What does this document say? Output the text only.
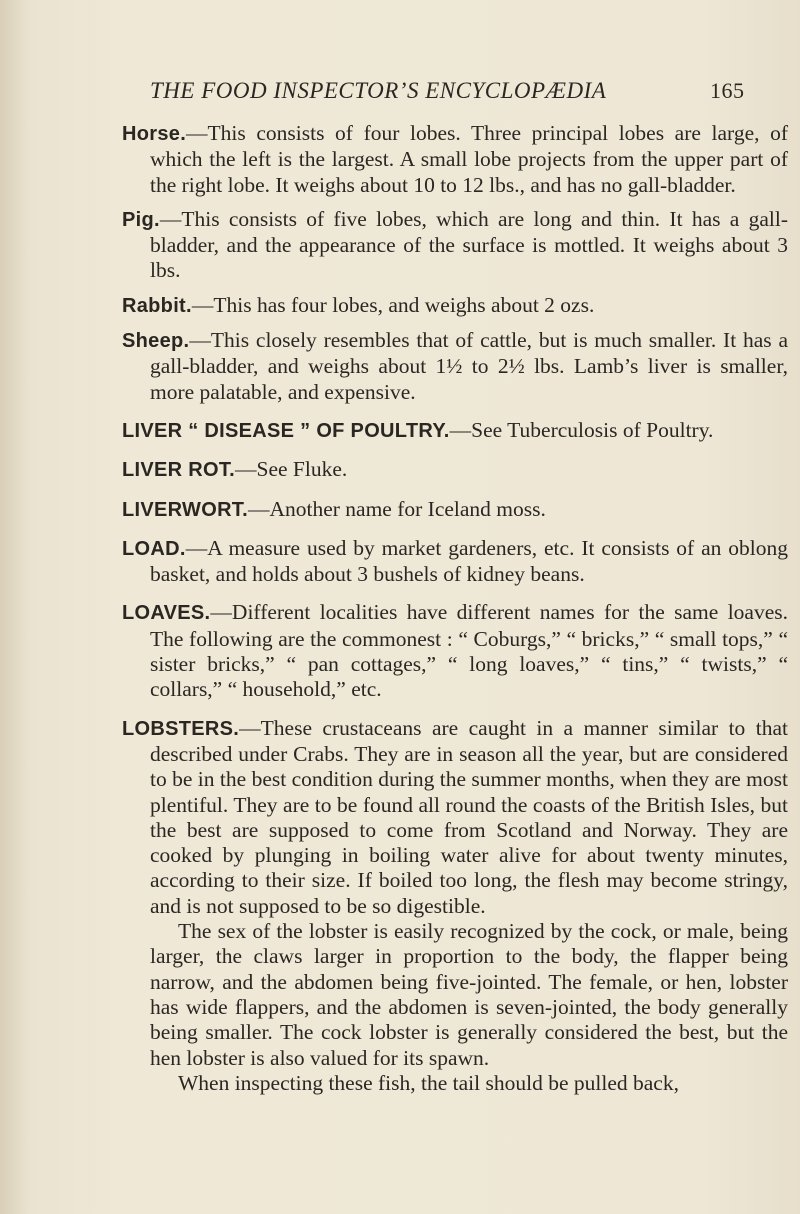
THE FOOD INSPECTOR’S ENCYCLOPÆDIA	165

Horse.—This consists of four lobes. Three principal lobes are large, of which the left is the largest. A small lobe projects from the upper part of the right lobe. It weighs about 10 to 12 lbs., and has no gall-bladder.

Pig.—This consists of five lobes, which are long and thin. It has a gall-bladder, and the appearance of the surface is mottled. It weighs about 3 lbs.

Rabbit.—This has four lobes, and weighs about 2 ozs.

Sheep.—This closely resembles that of cattle, but is much smaller. It has a gall-bladder, and weighs about 1½ to 2½ lbs. Lamb’s liver is smaller, more palatable, and expensive.

LIVER “ DISEASE ” OF POULTRY.—See Tuberculosis of Poultry.

LIVER ROT.—See Fluke.

LIVERWORT.—Another name for Iceland moss.

LOAD.—A measure used by market gardeners, etc. It consists of an oblong basket, and holds about 3 bushels of kidney beans.

LOAVES.—Different localities have different names for the same loaves. The following are the commonest : “ Coburgs,” “ bricks,” “ small tops,” “ sister bricks,” “ pan cottages,” “ long loaves,” “ tins,” “ twists,” “ collars,” “ household,” etc.

LOBSTERS.—These crustaceans are caught in a manner similar to that described under Crabs. They are in season all the year, but are considered to be in the best condition during the summer months, when they are most plentiful. They are to be found all round the coasts of the British Isles, but the best are supposed to come from Scotland and Norway. They are cooked by plunging in boiling water alive for about twenty minutes, according to their size. If boiled too long, the flesh may become stringy, and is not supposed to be so digestible.

The sex of the lobster is easily recognized by the cock, or male, being larger, the claws larger in proportion to the body, the flapper being narrow, and the abdomen being five-jointed. The female, or hen, lobster has wide flappers, and the abdomen is seven-jointed, the body generally being smaller. The cock lobster is generally considered the best, but the hen lobster is also valued for its spawn.

When inspecting these fish, the tail should be pulled back,
